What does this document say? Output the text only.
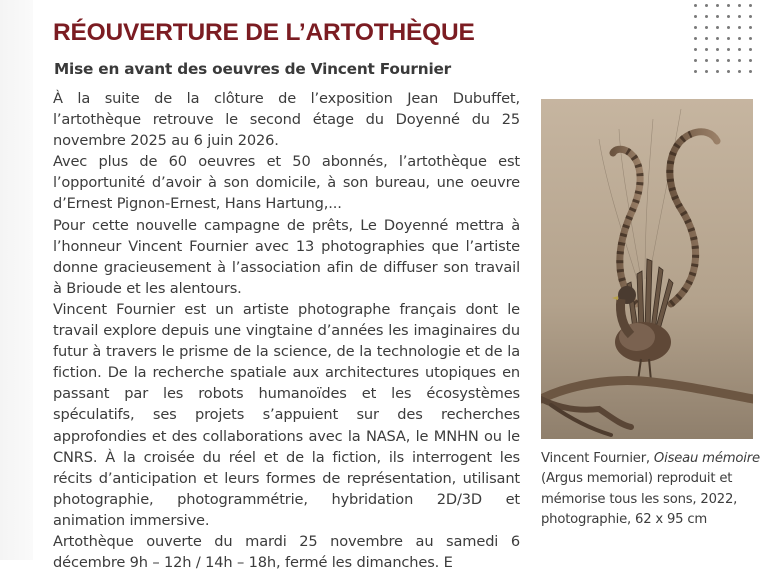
RÉOUVERTURE DE L’ARTOTHÈQUE
Mise en avant des oeuvres de Vincent Fournier

À la suite de la clôture de l’exposition Jean Dubuffet, l’artothèque retrouve le second étage du Doyenné du 25 novembre 2025 au 6 juin 2026.

Avec plus de 60 oeuvres et 50 abonnés, l’artothèque est l’opportunité d’avoir à son domicile, à son bureau, une oeuvre d’Ernest Pignon-Ernest, Hans Hartung,...

Pour cette nouvelle campagne de prêts, Le Doyenné mettra à l’honneur Vincent Fournier avec 13 photographies que l’artiste donne gracieusement à l’association afin de diffuser son travail à Brioude et les alentours.

Vincent Fournier est un artiste photographe français dont le travail explore depuis une vingtaine d’années les imaginaires du futur à travers le prisme de la science, de la technologie et de la fiction. De la recherche spatiale aux architectures utopiques en passant par les robots humanoïdes et les écosystèmes spéculatifs, ses projets s’appuient sur des recherches approfondies et des collaborations avec la NASA, le MNHN ou le CNRS. À la croisée du réel et de la fiction, ils interrogent les récits d’anticipation et leurs formes de représentation, utilisant photographie, photogrammétrie, hybridation 2D/3D et animation immersive.

Artothèque ouverte du mardi 25 novembre au samedi 6 décembre 9h – 12h / 14h – 18h, fermé les dimanches. E

Vincent Fournier, Oiseau mémoire (Argus memorial) reproduit et mémorise tous les sons, 2022, photographie, 62 x 95 cm
